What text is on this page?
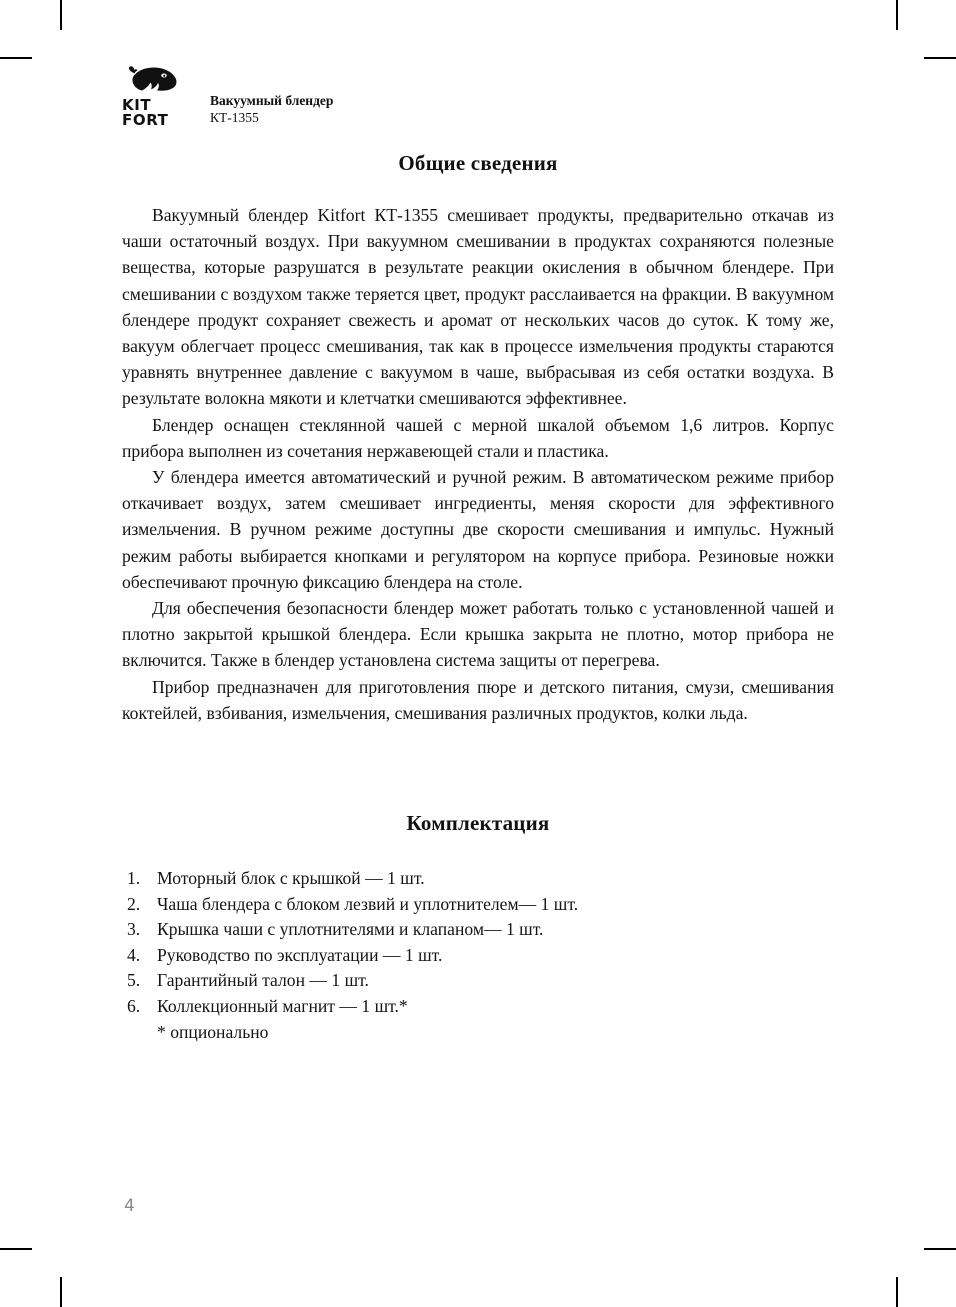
KIT
FORT
Вакуумный блендер
КТ-1355
Общие сведения

Вакуумный блендер Kitfort КТ-1355 смешивает продукты, предварительно откачав из чаши остаточный воздух. При вакуумном смешивании в продуктах сохраняются полезные вещества, которые разрушатся в результате реакции окисления в обычном блендере. При смешивании с воздухом также теряется цвет, продукт расслаивается на фракции. В вакуумном блендере продукт сохраняет свежесть и аромат от нескольких часов до суток. К тому же, вакуум облегчает процесс смешивания, так как в процессе измельчения продукты стараются уравнять внутреннее давление с вакуумом в чаше, выбрасывая из себя остатки воздуха. В результате волокна мякоти и клетчатки смешиваются эффективнее.

Блендер оснащен стеклянной чашей с мерной шкалой объемом 1,6 литров. Корпус прибора выполнен из сочетания нержавеющей стали и пластика.

У блендера имеется автоматический и ручной режим. В автоматическом режиме прибор откачивает воздух, затем смешивает ингредиенты, меняя скорости для эффективного измельчения. В ручном режиме доступны две скорости смешивания и импульс. Нужный режим работы выбирается кнопками и регулятором на корпусе прибора. Резиновые ножки обеспечивают прочную фиксацию блендера на столе.

Для обеспечения безопасности блендер может работать только с установленной чашей и плотно закрытой крышкой блендера. Если крышка закрыта не плотно, мотор прибора не включится. Также в блендер установлена система защиты от перегрева.

Прибор предназначен для приготовления пюре и детского питания, смузи, смешивания коктейлей, взбивания, измельчения, смешивания различных продуктов, колки льда.

Комплектация
1. Моторный блок с крышкой — 1 шт.
2. Чаша блендера с блоком лезвий и уплотнителем— 1 шт.
3. Крышка чаши с уплотнителями и клапаном— 1 шт.
4. Руководство по эксплуатации — 1 шт.
5. Гарантийный талон — 1 шт.
6. Коллекционный магнит — 1 шт.*

* опционально

4
